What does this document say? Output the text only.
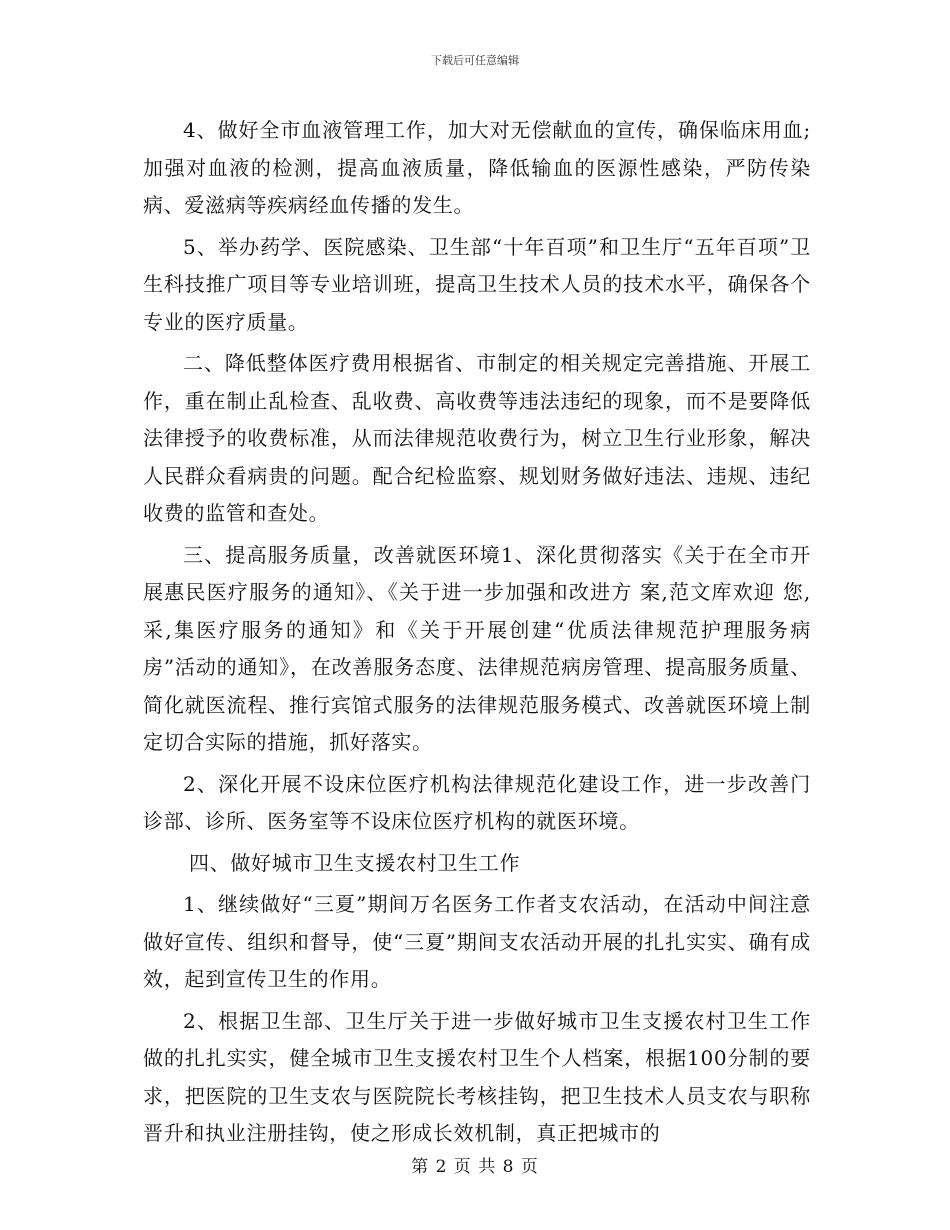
下载后可任意编辑

4、做好全市血液管理工作，加大对无偿献血的宣传，确保临床用血;加强对血液的检测，提高血液质量，降低输血的医源性感染，严防传染病、爱滋病等疾病经血传播的发生。

5、举办药学、医院感染、卫生部“十年百项”和卫生厅“五年百项”卫生科技推广项目等专业培训班，提高卫生技术人员的技术水平，确保各个专业的医疗质量。

二、降低整体医疗费用根据省、市制定的相关规定完善措施、开展工作，重在制止乱检查、乱收费、高收费等违法违纪的现象，而不是要降低法律授予的收费标准，从而法律规范收费行为，树立卫生行业形象，解决人民群众看病贵的问题。配合纪检监察、规划财务做好违法、违规、违纪收费的监管和查处。

三、提高服务质量，改善就医环境1、深化贯彻落实《关于在全市开展惠民医疗服务的通知》、《关于进一步加强和改进方 案,范文库欢迎 您,采,集医疗服务的通知》和《关于开展创建“优质法律规范护理服务病房”活动的通知》，在改善服务态度、法律规范病房管理、提高服务质量、简化就医流程、推行宾馆式服务的法律规范服务模式、改善就医环境上制定切合实际的措施，抓好落实。

2、深化开展不设床位医疗机构法律规范化建设工作，进一步改善门诊部、诊所、医务室等不设床位医疗机构的就医环境。

四、做好城市卫生支援农村卫生工作

1、继续做好“三夏”期间万名医务工作者支农活动，在活动中间注意做好宣传、组织和督导，使“三夏”期间支农活动开展的扎扎实实、确有成效，起到宣传卫生的作用。

2、根据卫生部、卫生厅关于进一步做好城市卫生支援农村卫生工作做的扎扎实实，健全城市卫生支援农村卫生个人档案，根据100分制的要求，把医院的卫生支农与医院院长考核挂钩，把卫生技术人员支农与职称晋升和执业注册挂钩，使之形成长效机制，真正把城市的

第 2 页 共 8 页
